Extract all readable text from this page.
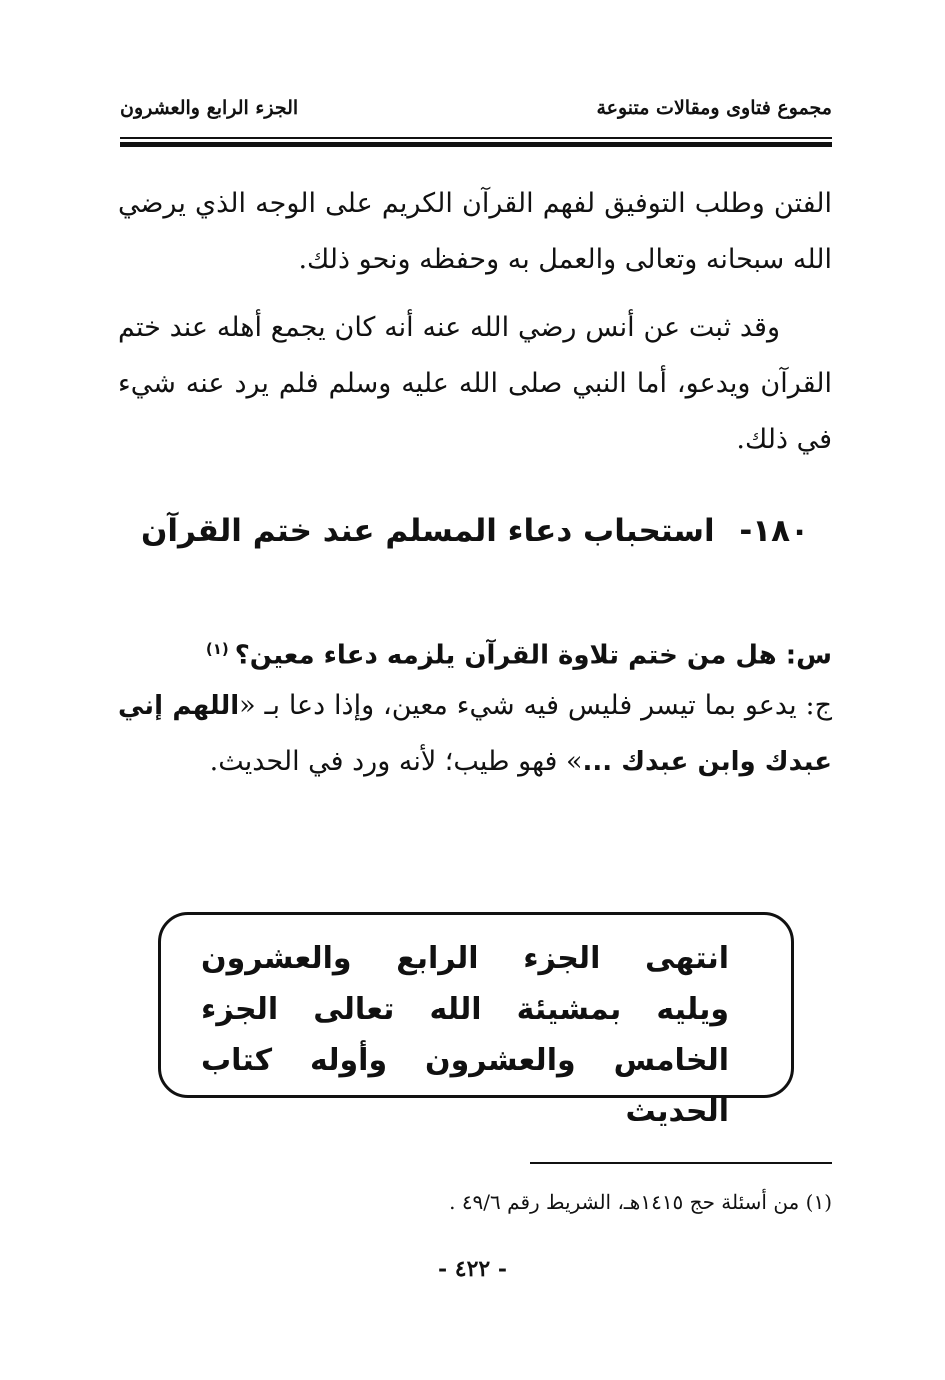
مجموع فتاوى ومقالات متنوعة
الجزء الرابع والعشرون

الفتن وطلب التوفيق لفهم القرآن الكريم على الوجه الذي يرضي الله سبحانه وتعالى والعمل به وحفظه ونحو ذلك.

وقد ثبت عن أنس رضي الله عنه أنه كان يجمع أهله عند ختم القرآن ويدعو، أما النبي صلى الله عليه وسلم فلم يرد عنه شيء في ذلك.

١٨٠- استحباب دعاء المسلم عند ختم القرآن
س: هل من ختم تلاوة القرآن يلزمه دعاء معين؟$^{(١)}$

ج: يدعو بما تيسر فليس فيه شيء معين، وإذا دعا بـ «اللهم إني عبدك وابن عبدك ...» فهو طيب؛ لأنه ورد في الحديث.

انتهى الجزء الرابع والعشرون
ويليه بمشيئة الله تعالى الجزء
الخامس والعشرون وأوله كتاب الحديث
(١) من أسئلة حج ١٤١٥هـ، الشريط رقم ٤٩/٦ .
- ٤٢٢ -
